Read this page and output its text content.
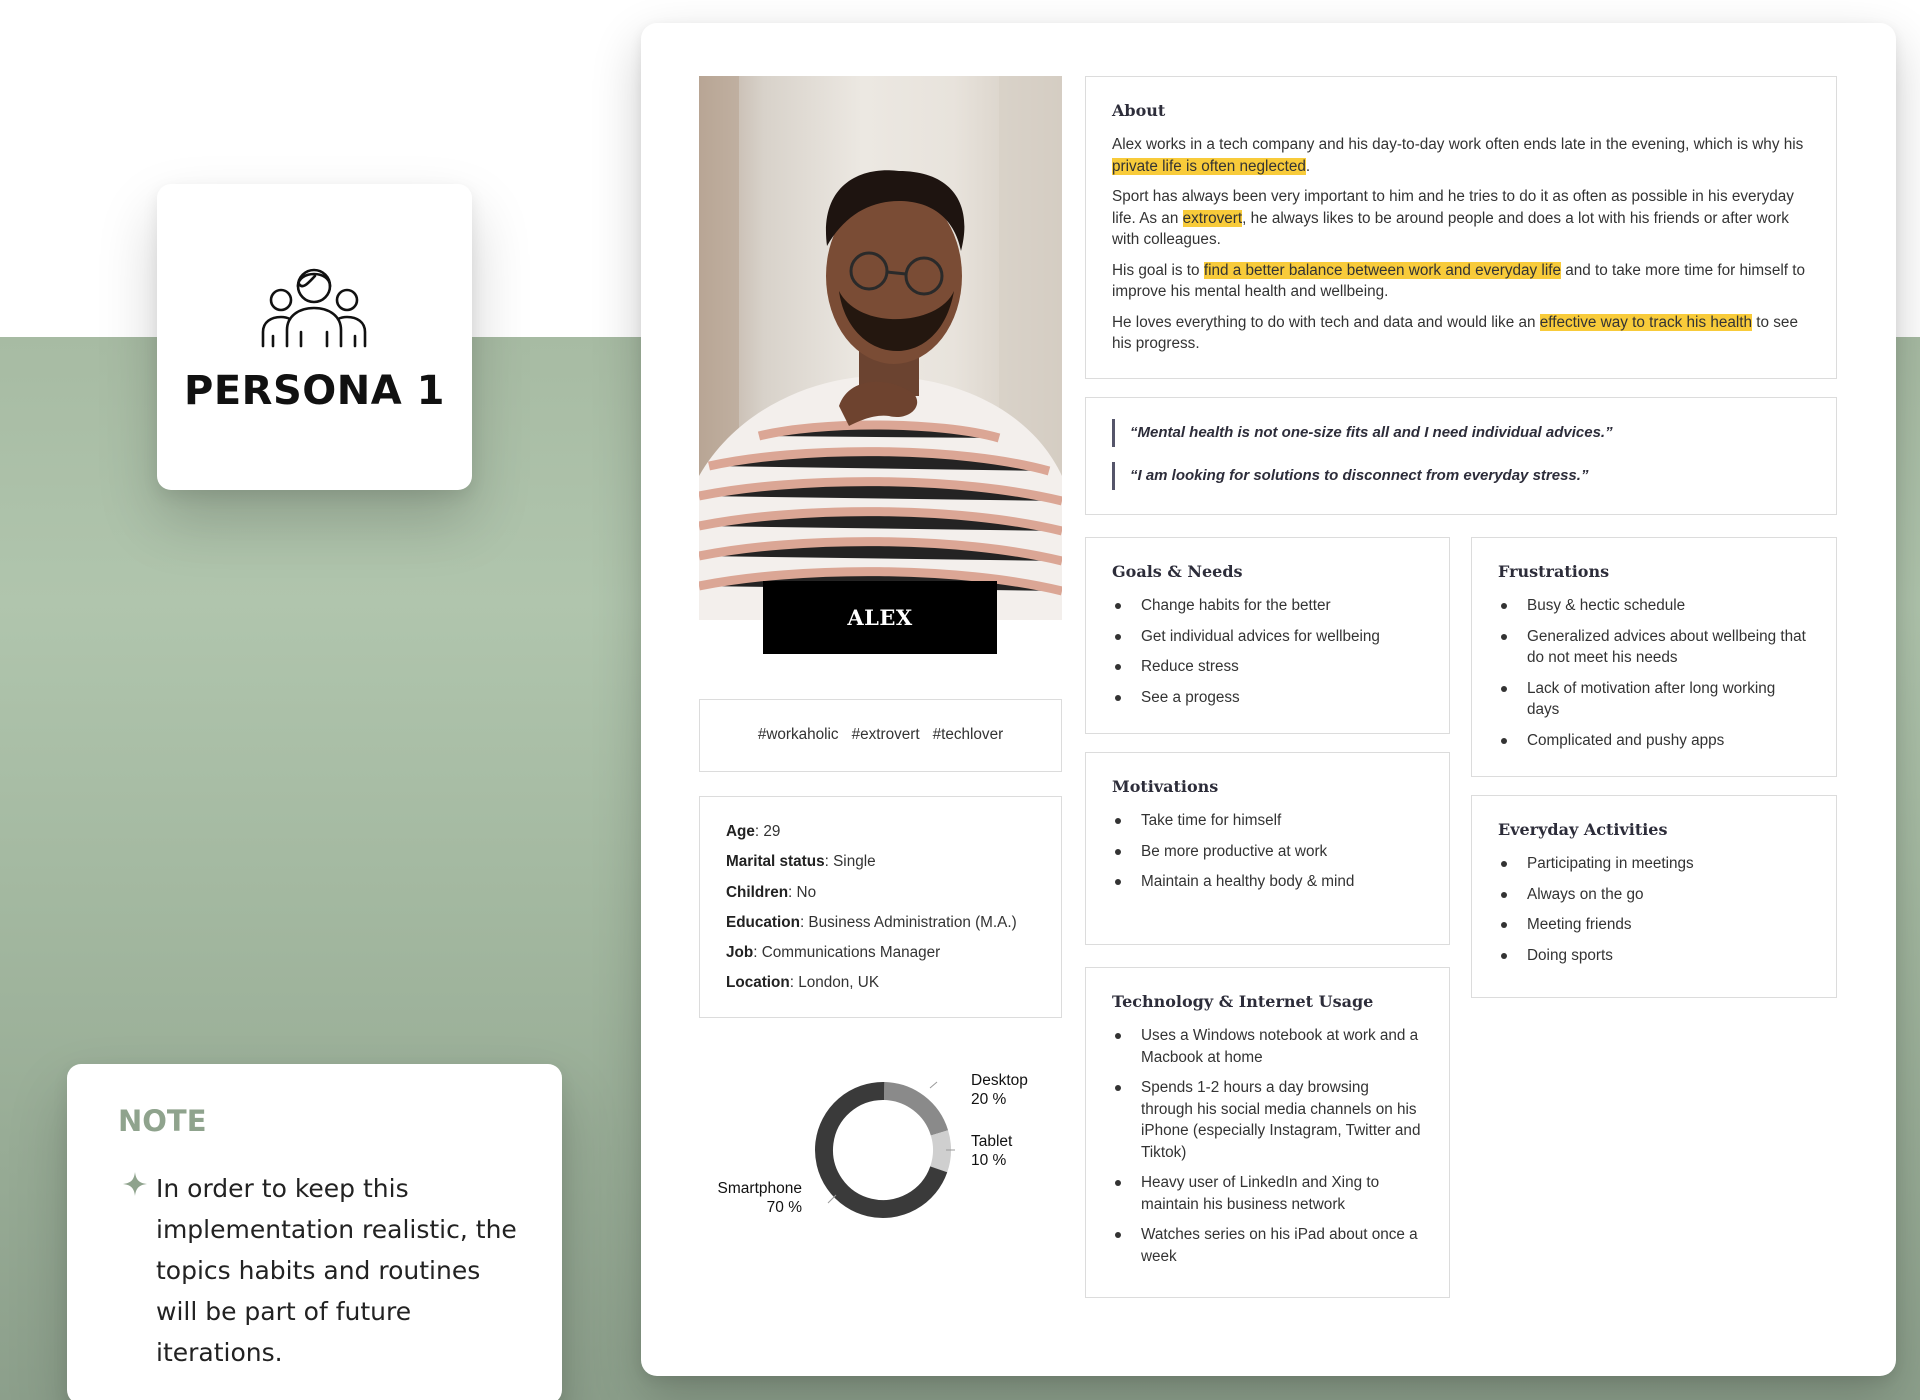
PERSONA 1
NOTE
In order to keep this implementation realistic, the topics habits and routines will be part of future iterations.
ALEX
#workaholic #extrovert #techlover
Age: 29
Marital status: Single
Children: No
Education: Business Administration (M.A.)
Job: Communications Manager
Location: London, UK
Desktop
20 %
Tablet
10 %
Smartphone
70 %
About

Alex works in a tech company and his day-to-day work often ends late in the evening, which is why his private life is often neglected.

Sport has always been very important to him and he tries to do it as often as possible in his everyday life. As an extrovert, he always likes to be around people and does a lot with his friends or after work with colleagues.

His goal is to find a better balance between work and everyday life and to take more time for himself to improve his mental health and wellbeing.

He loves everything to do with tech and data and would like an effective way to track his health to see his progress.

“Mental health is not one-size fits all and I need individual advices.”
“I am looking for solutions to disconnect from everyday stress.”
Goals & Needs
Change habits for the better
Get individual advices for wellbeing
Reduce stress
See a progess
Motivations
Take time for himself
Be more productive at work
Maintain a healthy body & mind
Technology & Internet Usage
Uses a Windows notebook at work and a Macbook at home
Spends 1-2 hours a day browsing through his social media channels on his iPhone (especially Instagram, Twitter and Tiktok)
Heavy user of LinkedIn and Xing to maintain his business network
Watches series on his iPad about once a week
Frustrations
Busy & hectic schedule
Generalized advices about wellbeing that do not meet his needs
Lack of motivation after long working days
Complicated and pushy apps
Everyday Activities
Participating in meetings
Always on the go
Meeting friends
Doing sports
